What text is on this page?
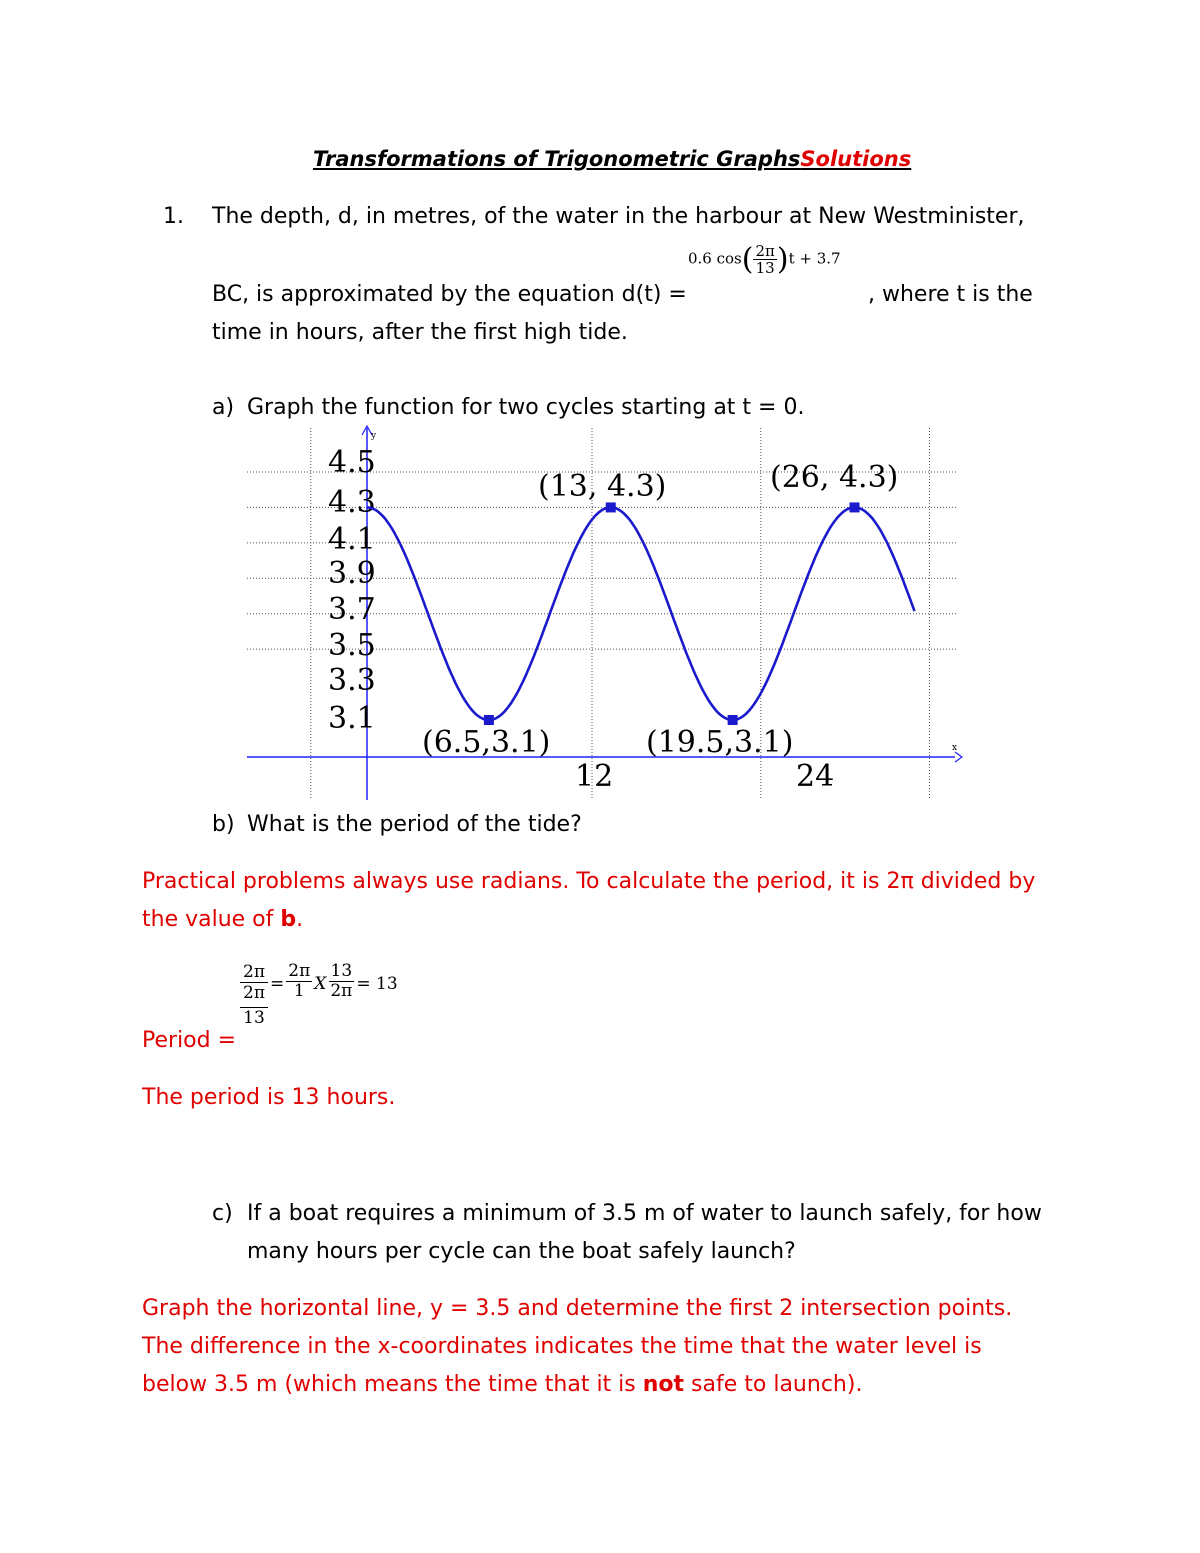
Transformations of Trigonometric GraphsSolutions
1. The depth, d, in metres, of the water in the harbour at New Westminister,
BC, is approximated by the equation d(t) =
0.6 $\cos( \frac{2\pi}{13} )t + 3.7$
, where t is the
time in hours, after the first high tide.
a) Graph the function for two cycles starting at t = 0.
x
y
4.5
4.3
4.1
3.9
3.7
3.5
3.3
3.1
12	24
(13, 4.3)	(26, 4.3)
(6.5,3.1)	(19.5,3.1)
b) What is the period of the tide?
Practical problems always use radians. To calculate the period, it is 2π divided by
the value of b.
2π
2π
13
= $\frac{2\pi}{1}$ X $\frac{13}{2\pi} = 13$
Period =
The period is 13 hours.
c) If a boat requires a minimum of 3.5 m of water to launch safely, for how
many hours per cycle can the boat safely launch?
Graph the horizontal line, y = 3.5 and determine the first 2 intersection points.
The difference in the x-coordinates indicates the time that the water level is
below 3.5 m (which means the time that it is not safe to launch).
